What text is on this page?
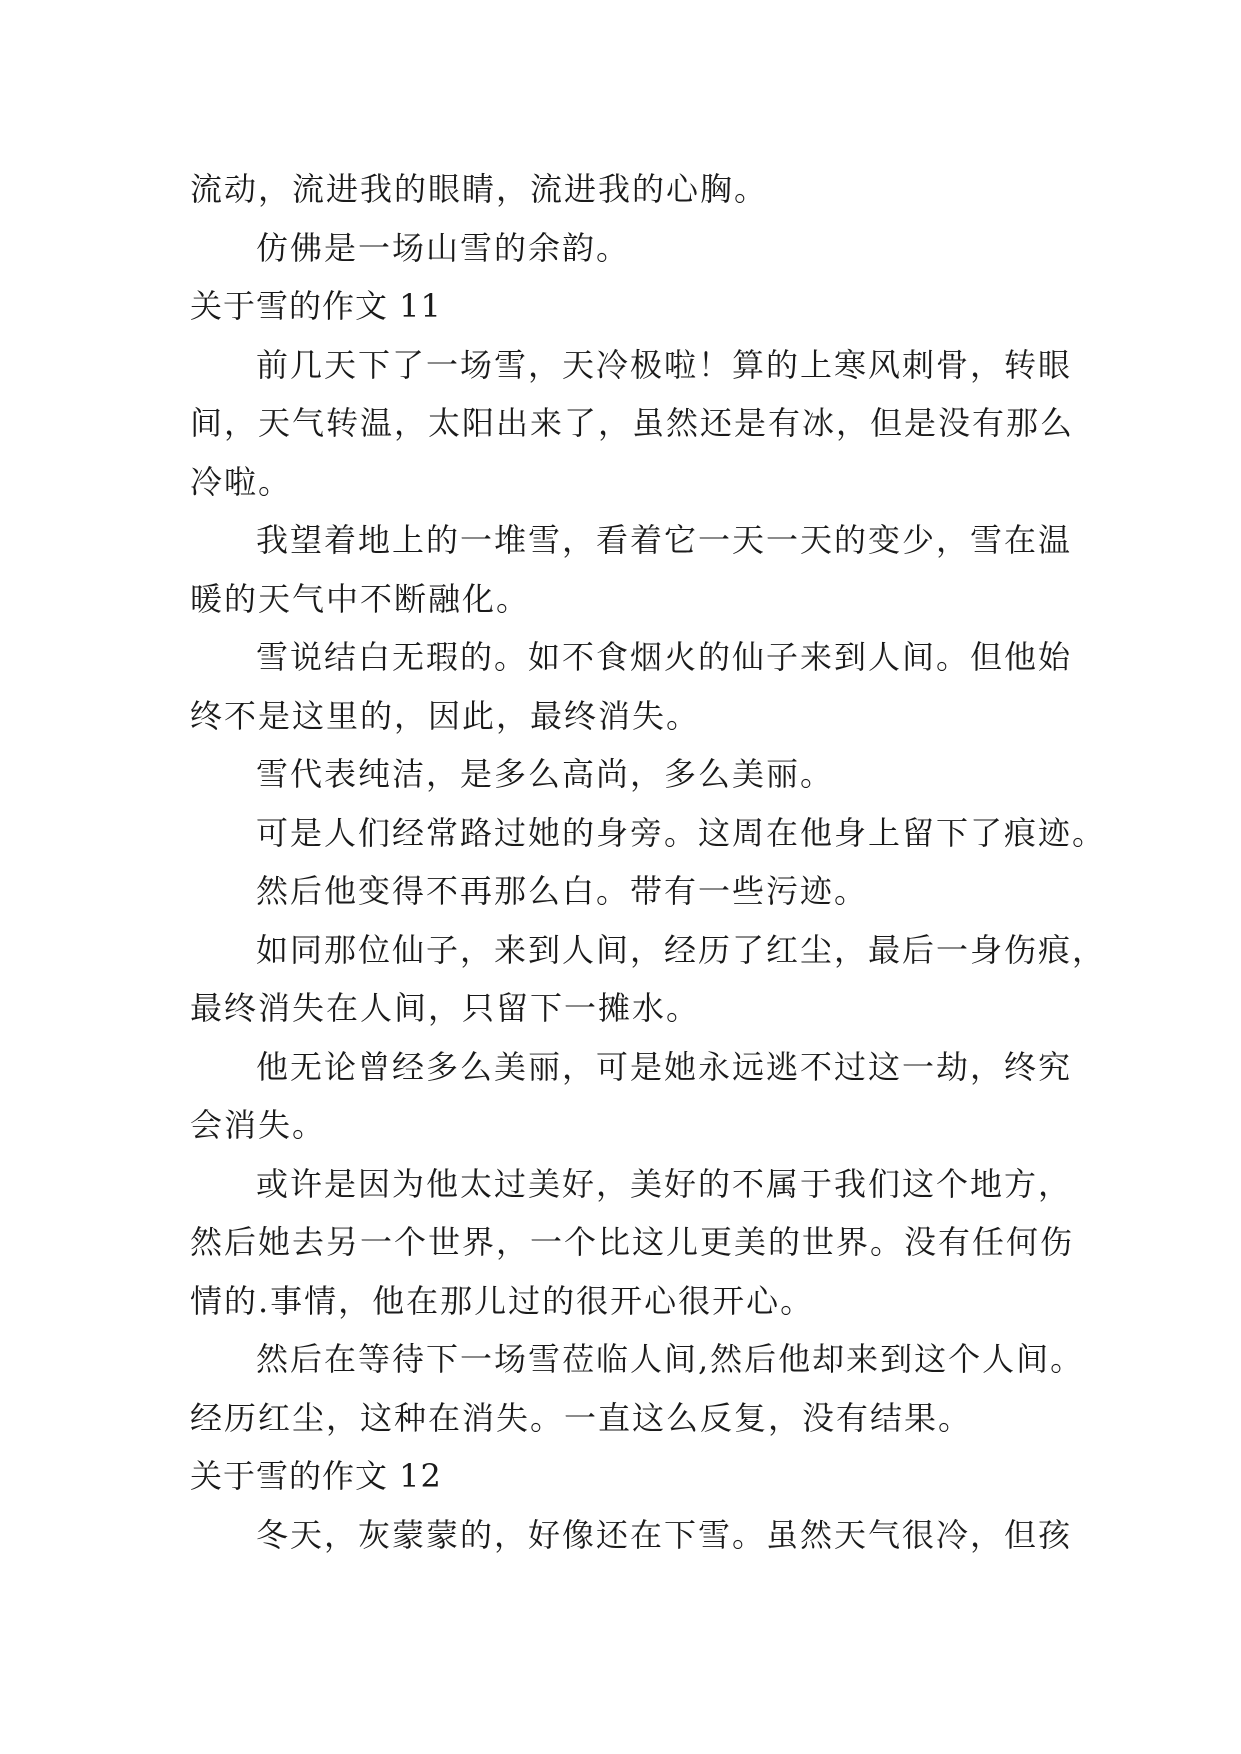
流动，流进我的眼睛，流进我的心胸。
仿佛是一场山雪的余韵。
关于雪的作文 11
前几天下了一场雪，天冷极啦！算的上寒风刺骨，转眼
间，天气转温，太阳出来了，虽然还是有冰，但是没有那么
冷啦。
我望着地上的一堆雪，看着它一天一天的变少，雪在温
暖的天气中不断融化。
雪说结白无瑕的。如不食烟火的仙子来到人间。但他始
终不是这里的，因此，最终消失。
雪代表纯洁，是多么高尚，多么美丽。
可是人们经常路过她的身旁。这周在他身上留下了痕迹。
然后他变得不再那么白。带有一些污迹。
如同那位仙子，来到人间，经历了红尘，最后一身伤痕，
最终消失在人间，只留下一摊水。
他无论曾经多么美丽，可是她永远逃不过这一劫，终究
会消失。
或许是因为他太过美好，美好的不属于我们这个地方，
然后她去另一个世界，一个比这儿更美的世界。没有任何伤
情的.事情，他在那儿过的很开心很开心。
然后在等待下一场雪莅临人间,然后他却来到这个人间。
经历红尘，这种在消失。一直这么反复，没有结果。
关于雪的作文 12
冬天，灰蒙蒙的，好像还在下雪。虽然天气很冷，但孩
